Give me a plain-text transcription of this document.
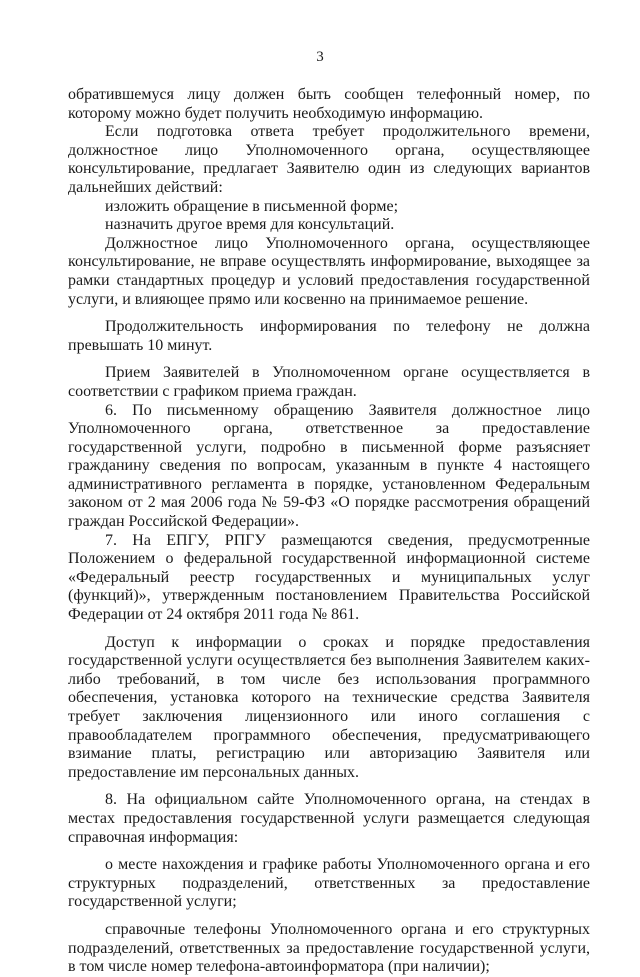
3

обратившемуся лицу должен быть сообщен телефонный номер, по которому можно будет получить необходимую информацию.

Если подготовка ответа требует продолжительного времени, должностное лицо Уполномоченного органа, осуществляющее консультирование, предлагает Заявителю один из следующих вариантов дальнейших действий:

изложить обращение в письменной форме;

назначить другое время для консультаций.

Должностное лицо Уполномоченного органа, осуществляющее консультирование, не вправе осуществлять информирование, выходящее за рамки стандартных процедур и условий предоставления государственной услуги, и влияющее прямо или косвенно на принимаемое решение.

Продолжительность информирования по телефону не должна превышать 10 минут.

Прием Заявителей в Уполномоченном органе осуществляется в соответствии с графиком приема граждан.

6. По письменному обращению Заявителя должностное лицо Уполномоченного органа, ответственное за предоставление государственной услуги, подробно в письменной форме разъясняет гражданину сведения по вопросам, указанным в пункте 4 настоящего административного регламента в порядке, установленном Федеральным законом от 2 мая 2006 года № 59-ФЗ «О порядке рассмотрения обращений граждан Российской Федерации».

7. На ЕПГУ, РПГУ размещаются сведения, предусмотренные Положением о федеральной государственной информационной системе «Федеральный реестр государственных и муниципальных услуг (функций)», утвержденным постановлением Правительства Российской Федерации от 24 октября 2011 года № 861.

Доступ к информации о сроках и порядке предоставления государственной услуги осуществляется без выполнения Заявителем каких-либо требований, в том числе без использования программного обеспечения, установка которого на технические средства Заявителя требует заключения лицензионного или иного соглашения с правообладателем программного обеспечения, предусматривающего взимание платы, регистрацию или авторизацию Заявителя или предоставление им персональных данных.

8. На официальном сайте Уполномоченного органа, на стендах в местах предоставления государственной услуги размещается следующая справочная информация:

о месте нахождения и графике работы Уполномоченного органа и его структурных подразделений, ответственных за предоставление государственной услуги;

справочные телефоны Уполномоченного органа и его структурных подразделений, ответственных за предоставление государственной услуги, в том числе номер телефона-автоинформатора (при наличии);
